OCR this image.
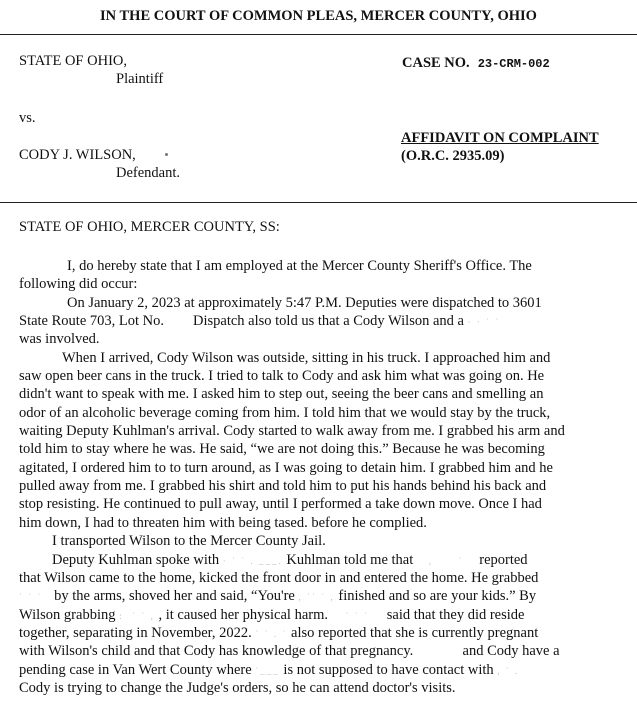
IN THE COURT OF COMMON PLEAS, MERCER COUNTY, OHIO
STATE OF OHIO,
Plaintiff
vs.
CODY J. WILSON,
Defendant.
CASE NO. 23-CRM-002
AFFIDAVIT ON COMPLAINT
(O.R.C. 2935.09)
STATE OF OHIO, MERCER COUNTY, SS:
I, do hereby state that I am employed at the Mercer County Sheriff's Office. The
following did occur:
On January 2, 2023 at approximately 5:47 P.M. Deputies were dispatched to 3601
State Route 703, Lot No.        Dispatch also told us that a Cody Wilson and a · · ˙ ˙
was involved.
When I arrived, Cody Wilson was outside, sitting in his truck. I approached him and
saw open beer cans in the truck. I tried to talk to Cody and ask him what was going on. He
didn't want to speak with me. I asked him to step out, seeing the beer cans and smelling an
odor of an alcoholic beverage coming from him. I told him that we would stay by the truck,
waiting Deputy Kuhlman's arrival. Cody started to walk away from me. I grabbed his arm and
told him to stay where he was. He said, “we are not doing this.” Because he was becoming
agitated, I ordered him to to turn around, as I was going to detain him. I grabbed him and he
pulled away from me. I grabbed his shirt and told him to put his hands behind his back and
stop resisting. He continued to pull away, until I performed a take down move. Once I had
him down, I had to threaten him with being tased. before he complied.
I transported Wilson to the Mercer County Jail.
Deputy Kuhlman spoke with · ˙ ˙ . ___. Kuhlman told me that ,      ˙ reported
that Wilson came to the home, kicked the front door in and entered the home. He grabbed
˙ ˙ ˙ by the arms, shoved her and said, “You're , ˙˙ ˙ , finished and so are your kids.” By
Wilson grabbing :  ˙ ˙ , , it caused her physical harm. ˙ ˙ ˙ said that they did reside
together, separating in November, 2022. ˙ ˙ . ˙ also reported that she is currently pregnant
with Wilson's child and that Cody has knowledge of that pregnancy.	and Cody have a
pending case in Van Wert County where ˙___ is not supposed to have contact with , ˙ .
Cody is trying to change the Judge's orders, so he can attend doctor's visits.
